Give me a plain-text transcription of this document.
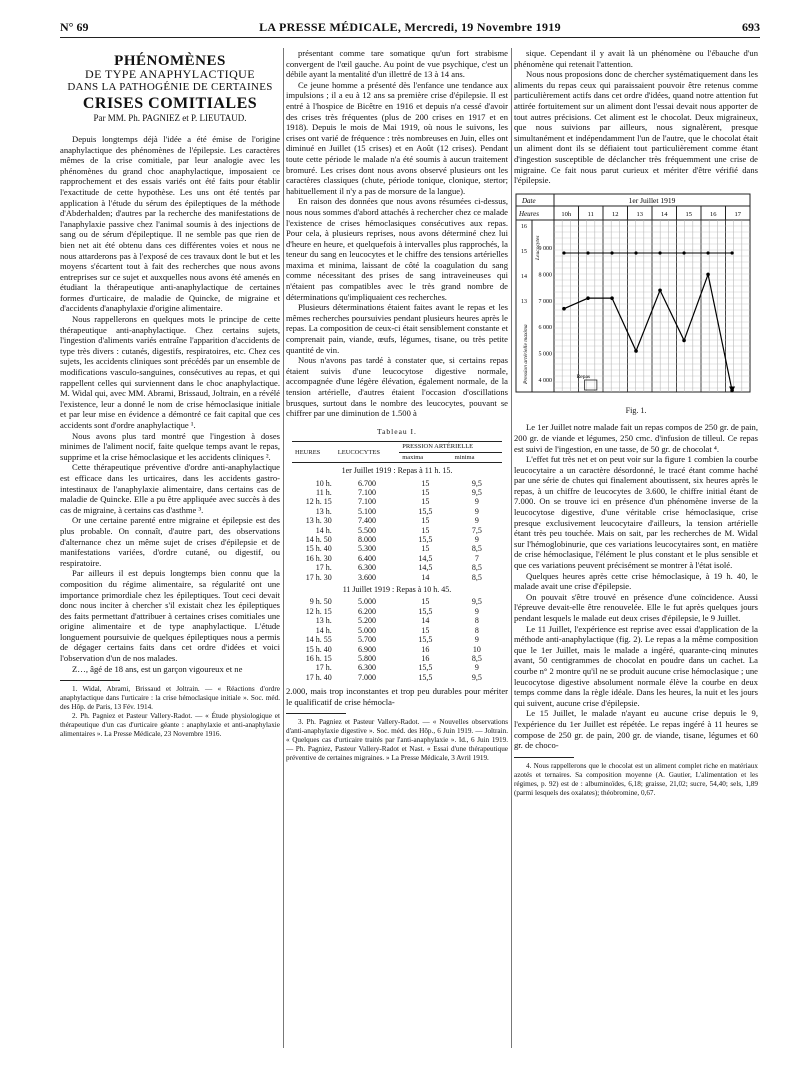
N° 69	LA PRESSE MÉDICALE, Mercredi, 19 Novembre 1919	693
PHÉNOMÈNES
DE TYPE ANAPHYLACTIQUE
DANS LA PATHOGÉNIE DE CERTAINES
CRISES COMITIALES
Par MM. Ph. PAGNIEZ et P. LIEUTAUD.

Depuis longtemps déjà l'idée a été émise de l'origine anaphylactique des phénomènes de l'épilepsie. Les caractères mêmes de la crise comitiale, par leur analogie avec les phénomènes du grand choc anaphylactique, imposaient ce rapprochement et des essais variés ont été faits pour établir l'exactitude de cette hypothèse. Les uns ont été tentés par application à l'étude du sérum des épileptiques de la méthode d'Abderhalden; d'autres par la recherche des manifestations de l'anaphylaxie passive chez l'animal soumis à des injections de sang ou de sérum d'épileptique. Il ne semble pas que rien de bien net ait été obtenu dans ces différentes voies et nous ne nous attarderons pas à l'exposé de ces travaux dont le but et les moyens s'écartent tout à fait des recherches que nous avons entreprises sur ce sujet et auxquelles nous avons été amenés en étudiant la thérapeutique anti-anaphylactique de certaines formes d'urticaire, de maladie de Quincke, de migraine et d'accidents d'anaphylaxie d'origine alimentaire.

Nous rappellerons en quelques mots le principe de cette thérapeutique anti-anaphylactique. Chez certains sujets, l'ingestion d'aliments variés entraîne l'apparition d'accidents de type très divers : cutanés, digestifs, respiratoires, etc. Chez ces sujets, les accidents cliniques sont précédés par un ensemble de modifications vasculo-sanguines, consécutives au repas, et qui rappellent celles qui surviennent dans le choc anaphylactique. M. Widal qui, avec MM. Abrami, Brissaud, Joltrain, en a révélé l'existence, leur a donné le nom de crise hémoclasique initiale et par leur mise en évidence a démontré ce fait capital que ces accidents sont d'ordre anaphylactique ¹.

Nous avons plus tard montré que l'ingestion à doses minimes de l'aliment nocif, faite quelque temps avant le repas, supprime et la crise hémoclasique et les accidents cliniques ².

Cette thérapeutique préventive d'ordre anti-anaphylactique est efficace dans les urticaires, dans les accidents gastro-intestinaux de l'anaphylaxie alimentaire, dans certains cas de maladie de Quincke. Elle a pu être appliquée avec succès à des cas de migraine, à certains cas d'asthme ³.

Or une certaine parenté entre migraine et épilepsie est des plus probable. On connaît, d'autre part, des observations d'alternance chez un même sujet de crises d'épilepsie et de manifestations variées, d'ordre cutané, ou digestif, ou respiratoire.

Par ailleurs il est depuis longtemps bien connu que la composition du régime alimentaire, sa régularité ont une importance primordiale chez les épileptiques. Tout ceci devait donc nous inciter à chercher s'il existait chez les épileptiques des faits permettant d'attribuer à certaines crises comitiales une origine alimentaire et de type anaphylactique. L'étude longuement poursuivie de quelques épileptiques nous a permis de dégager certains faits dans cet ordre d'idées et voici l'observation d'un de nos malades.

Z…, âgé de 18 ans, est un garçon vigoureux et ne

1. Widal, Abrami, Brissaud et Joltrain. — « Réactions d'ordre anaphylactique dans l'urticaire : la crise hémoclasique initiale ». Soc. méd. des Hôp. de Paris, 13 Fév. 1914.

2. Ph. Pagniez et Pasteur Vallery-Radot. — « Étude physiologique et thérapeutique d'un cas d'urticaire géante : anaphylaxie et anti-anaphylaxie alimentaires ». La Presse Médicale, 23 Novembre 1916.

présentant comme tare somatique qu'un fort strabisme convergent de l'œil gauche. Au point de vue psychique, c'est un débile ayant la mentalité d'un illettré de 13 à 14 ans.

Ce jeune homme a présenté dès l'enfance une tendance aux impulsions ; il a eu à 12 ans sa première crise d'épilepsie. Il est entré à l'hospice de Bicêtre en 1916 et depuis n'a cessé d'avoir des crises très fréquentes (plus de 200 crises en 1917 et en 1918). Depuis le mois de Mai 1919, où nous le suivons, les crises ont varié de fréquence : très nombreuses en Juin, elles ont diminué en Juillet (15 crises) et en Août (12 crises). Pendant toute cette période le malade n'a été soumis à aucun traitement bromuré. Les crises dont nous avons observé plusieurs ont les caractères classiques (chute, période tonique, clonique, stertor; habituellement il n'y a pas de morsure de la langue).

En raison des données que nous avons résumées ci-dessus, nous nous sommes d'abord attachés à rechercher chez ce malade l'existence de crises hémoclasiques consécutives aux repas. Pour cela, à plusieurs reprises, nous avons déterminé chez lui d'heure en heure, et quelquefois à intervalles plus rapprochés, la teneur du sang en leucocytes et le chiffre des tensions artérielles maxima et minima, laissant de côté la coagulation du sang comme nécessitant des prises de sang intraveineuses qui n'étaient pas compatibles avec le très grand nombre de déterminations qu'impliquaient ces recherches.

Plusieurs déterminations étaient faites avant le repas et les mêmes recherches poursuivies pendant plusieurs heures après le repas. La composition de ceux-ci était sensiblement constante et comprenait pain, viande, œufs, légumes, tisane, ou très petite quantité de vin.

Nous n'avons pas tardé à constater que, si certains repas étaient suivis d'une leucocytose digestive normale, accompagnée d'une légère élévation, également normale, de la tension artérielle, d'autres étaient l'occasion d'oscillations brusques, surtout dans le nombre des leucocytes, pouvant se chiffrer par une diminution de 1.500 à

Tableau I.
HEURES	LEUCOCYTES	PRESSION ARTÉRIELLE	
		maxima	minima
1er Juillet 1919 : Repas à 11 h. 15.			
10 h.	6.700	15	9,5
11 h.	7.100	15	9,5
12 h. 15	7.100	15	9
13 h.	5.100	15,5	9
13 h. 30	7.400	15	9
14 h.	5.500	15	7,5
14 h. 50	8.000	15,5	9
15 h. 40	5.300	15	8,5
16 h. 30	6.400	14,5	7
17 h.	6.300	14,5	8,5
17 h. 30	3.600	14	8,5
11 Juillet 1919 : Repas à 10 h. 45.			
9 h. 50	5.000	15	9,5
12 h. 15	6.200	15,5	9
13 h.	5.200	14	8
14 h.	5.000	15	8
14 h. 55	5.700	15,5	9
15 h. 40	6.900	16	10
16 h. 15	5.800	16	8,5
17 h.	6.300	15,5	9
17 h. 40	7.000	15,5	9,5

2.000, mais trop inconstantes et trop peu durables pour mériter le qualificatif de crise hémocla-

3. Ph. Pagniez et Pasteur Vallery-Radot. — « Nouvelles observations d'anti-anaphylaxie digestive ». Soc. méd. des Hôp., 6 Juin 1919. — Joltrain. « Quelques cas d'urticaire traités par l'anti-anaphylaxie ». Id., 6 Juin 1919. — Ph. Pagniez, Pasteur Vallery-Radot et Nast. « Essai d'une thérapeutique préventive de certaines migraines. » La Presse Médicale, 3 Avril 1919.

sique. Cependant il y avait là un phénomène ou l'ébauche d'un phénomène qui retenait l'attention.

Nous nous proposions donc de chercher systématiquement dans les aliments du repas ceux qui paraissaient pouvoir être retenus comme particulièrement actifs dans cet ordre d'idées, quand notre attention fut attirée fortuitement sur un aliment dont l'essai devait nous apporter de tout autres précisions. Cet aliment est le chocolat. Deux migraineux, que nous suivions par ailleurs, nous signalèrent, presque simultanément et indépendamment l'un de l'autre, que le chocolat était un aliment dont ils se défiaient tout particulièrement comme étant d'ingestion susceptible de déclancher très fréquemment une crise de migraine. Ce fait nous parut curieux et mériter d'être vérifié dans l'épilepsie.

Date
Heures
1er Juillet 1919
10h	11	12	13	14	15	16	17
9 000
8 000
7 000
6 000
5 000
4 000
16
15
14
13
Leucocytes
Pression artérielle maxima	Repas
Fig. 1.

Le 1er Juillet notre malade fait un repas compos de 250 gr. de pain, 200 gr. de viande et légumes, 250 cmc. d'infusion de tilleul. Ce repas est suivi de l'ingestion, en une tasse, de 50 gr. de chocolat ⁴.

L'effet fut très net et on peut voir sur la figure 1 combien la courbe leucocytaire a un caractère désordonné, le tracé étant comme haché par une série de chutes qui finalement aboutissent, six heures après le repas, à un chiffre de leucocytes de 3.600, le chiffre initial étant de 7.000. On se trouve ici en présence d'un phénomène inverse de la leucocytose digestive, d'une véritable crise hémoclasique, crise presque exclusivement leucocytaire d'ailleurs, la tension artérielle étant très peu touchée. Mais on sait, par les recherches de M. Widal sur l'hémoglobinurie, que ces variations leucocytaires sont, en matière de crise hémoclasique, l'élément le plus constant et le plus sensible et que ces variations peuvent précisément se montrer à l'état isolé.

Quelques heures après cette crise hémoclasique, à 19 h. 40, le malade avait une crise d'épilepsie.

On pouvait s'être trouvé en présence d'une coïncidence. Aussi l'épreuve devait-elle être renouvelée. Elle le fut après quelques jours pendant lesquels le malade eut deux crises d'épilepsie, le 9 Juillet.

Le 11 Juillet, l'expérience est reprise avec essai d'application de la méthode anti-anaphylactique (fig. 2). Le repas a la même composition que le 1er Juillet, mais le malade a ingéré, quarante-cinq minutes avant, 50 centigrammes de chocolat en poudre dans un cachet. La courbe n° 2 montre qu'il ne se produit aucune crise hémoclasique ; une leucocytose digestive absolument normale élève la courbe en deux temps comme dans la règle idéale. Dans les heures, la nuit et les jours qui suivent, aucune crise d'épilepsie.

Le 15 Juillet, le malade n'ayant eu aucune crise depuis le 9, l'expérience du 1er Juillet est répétée. Le repas ingéré à 11 heures se compose de 250 gr. de pain, 200 gr. de viande, tisane, légumes et 60 gr. de choco-

4. Nous rappellerons que le chocolat est un aliment complet riche en matériaux azotés et ternaires. Sa composition moyenne (A. Gautier, L'alimentation et les régimes, p. 92) est de : albuminoïdes, 6,18; graisse, 21,02; sucre, 54,40; sels, 1,89 (parmi lesquels des oxalates); théobromine, 0,67.
